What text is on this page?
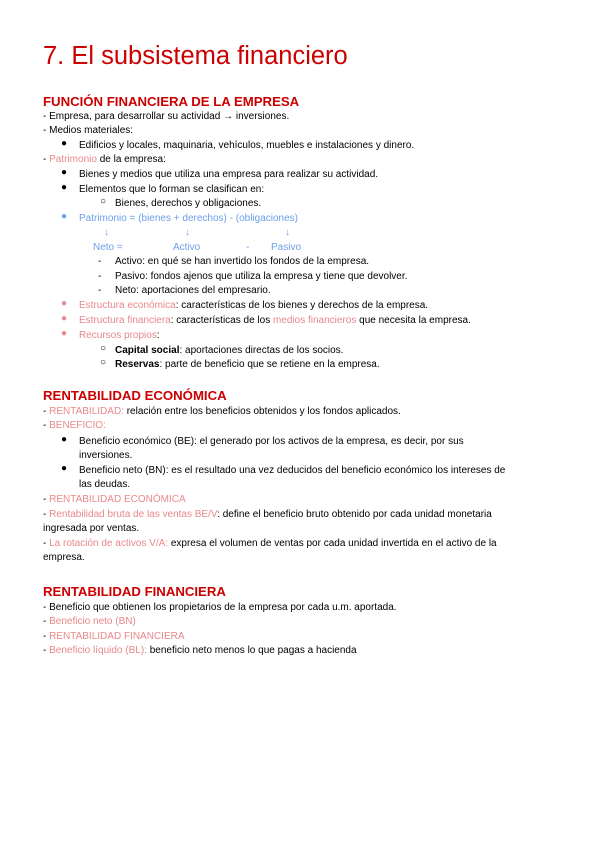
7. El subsistema financiero
FUNCIÓN FINANCIERA DE LA EMPRESA
- Empresa, para desarrollar su actividad → inversiones.
- Medios materiales:
● Edificios y locales, maquinaria, vehículos, muebles e instalaciones y dinero.
- Patrimonio de la empresa:
● Bienes y medios que utiliza una empresa para realizar su actividad.
● Elementos que lo forman se clasifican en:
○ Bienes, derechos y obligaciones.
● Patrimonio = (bienes + derechos) - (obligaciones)
↓	↓	↓
Neto =	Activo	- Pasivo
- Activo: en qué se han invertido los fondos de la empresa.
- Pasivo: fondos ajenos que utiliza la empresa y tiene que devolver.
- Neto: aportaciones del empresario.
● Estructura económica: características de los bienes y derechos de la empresa.
● Estructura financiera: características de los medios financieros que necesita la empresa.
● Recursos propios:
○ Capital social: aportaciones directas de los socios.
○ Reservas: parte de beneficio que se retiene en la empresa.
RENTABILIDAD ECONÓMICA
- RENTABILIDAD: relación entre los beneficios obtenidos y los fondos aplicados.
- BENEFICIO:
● Beneficio económico (BE): el generado por los activos de la empresa, es decir, por sus
inversiones.
● Beneficio neto (BN): es el resultado una vez deducidos del beneficio económico los intereses de
las deudas.
- RENTABILIDAD ECONÓMICA
- Rentabilidad bruta de las ventas BE/V: define el beneficio bruto obtenido por cada unidad monetaria
ingresada por ventas.
- La rotación de activos V/A: expresa el volumen de ventas por cada unidad invertida en el activo de la
empresa.
RENTABILIDAD FINANCIERA
- Beneficio que obtienen los propietarios de la empresa por cada u.m. aportada.
- Beneficio neto (BN)
- RENTABILIDAD FINANCIERA
- Beneficio líquido (BL): beneficio neto menos lo que pagas a hacienda
